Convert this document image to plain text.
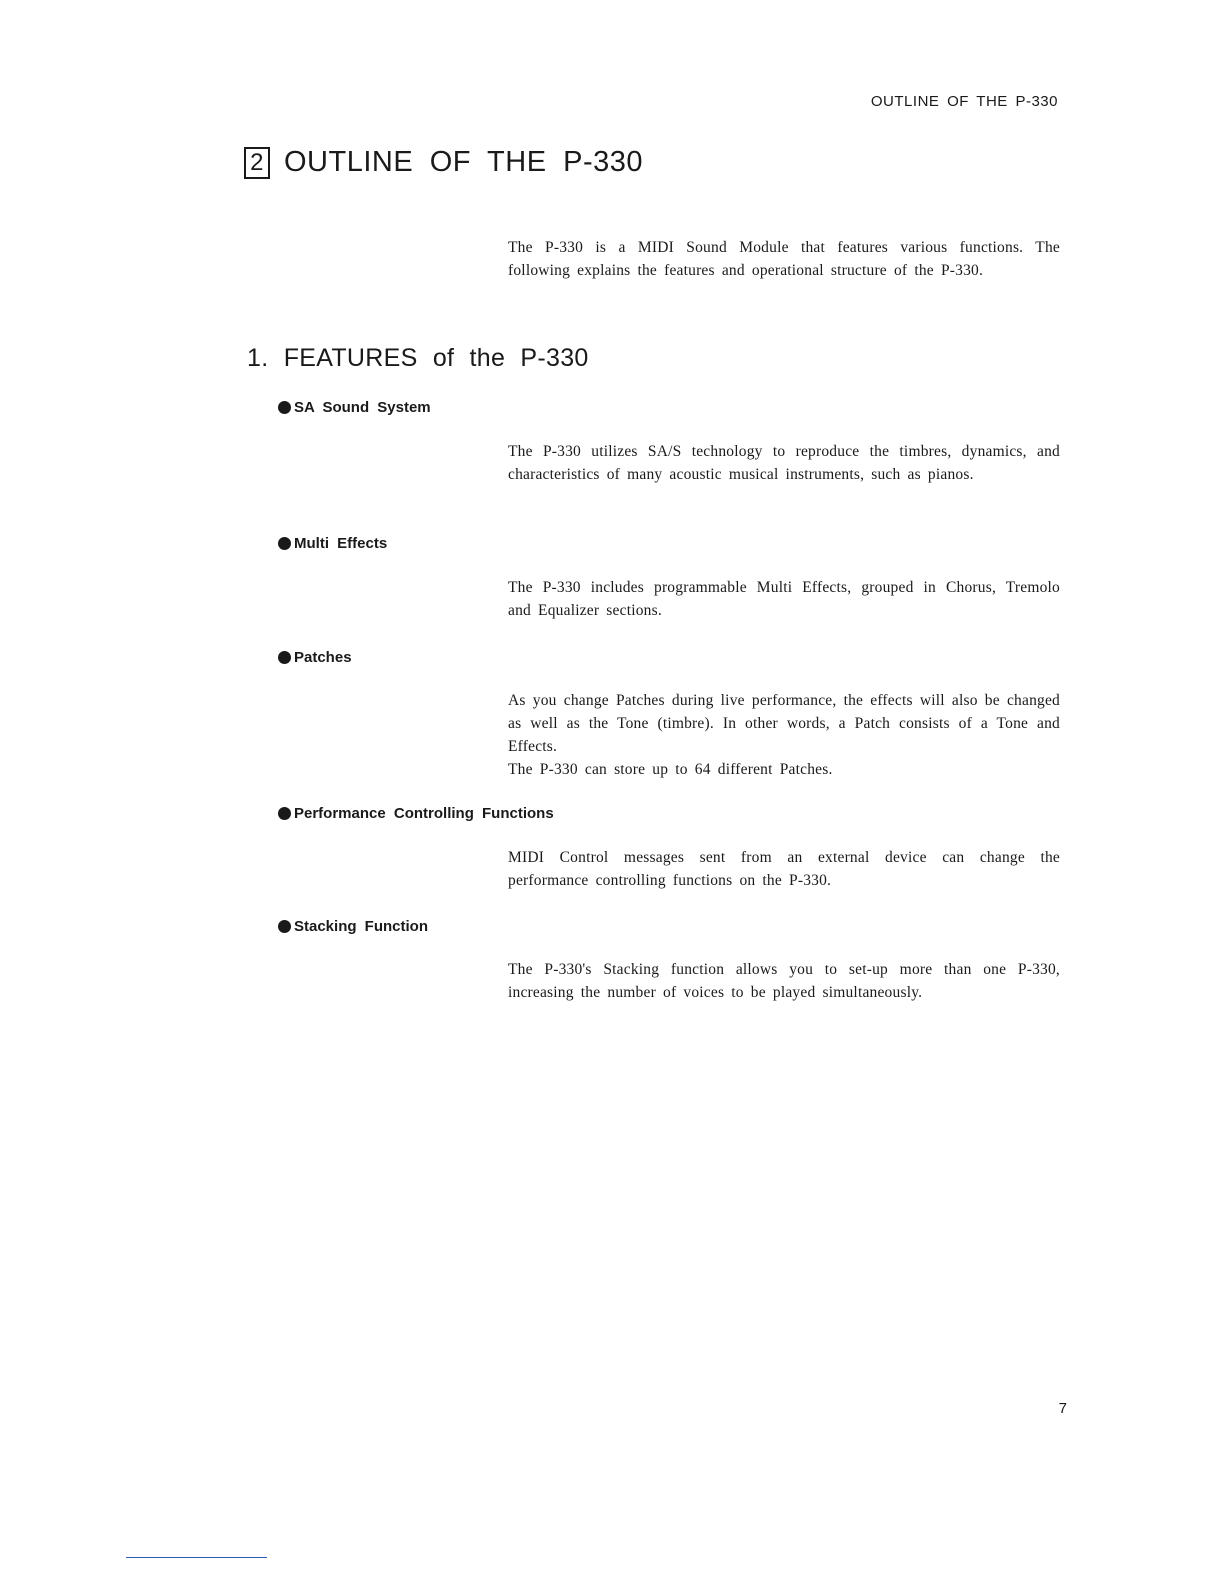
OUTLINE OF THE P-330
2 OUTLINE OF THE P-330

The P-330 is a MIDI Sound Module that features various functions. The following explains the features and operational structure of the P-330.

1. FEATURES of the P-330
SA Sound System

The P-330 utilizes SA/S technology to reproduce the timbres, dynamics, and characteristics of many acoustic musical instruments, such as pianos.

Multi Effects

The P-330 includes programmable Multi Effects, grouped in Chorus, Tremolo and Equalizer sections.

Patches

As you change Patches during live performance, the effects will also be changed as well as the Tone (timbre). In other words, a Patch consists of a Tone and Effects.

The P-330 can store up to 64 different Patches.

Performance Controlling Functions

MIDI Control messages sent from an external device can change the performance controlling functions on the P-330.

Stacking Function

The P-330's Stacking function allows you to set-up more than one P-330, increasing the number of voices to be played simultaneously.

7
